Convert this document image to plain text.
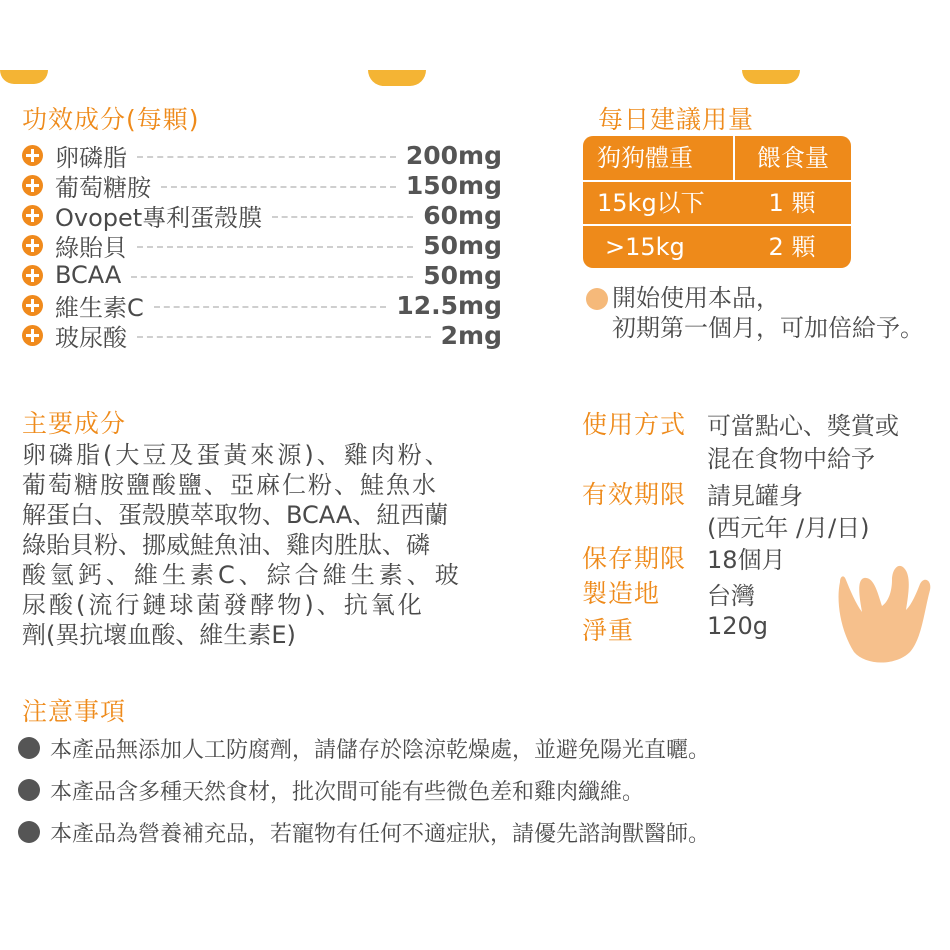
功效成分(每顆)
卵磷脂	200mg
葡萄糖胺	150mg
Ovopet專利蛋殼膜	60mg
綠貽貝	50mg
BCAA	50mg
維生素C	12.5mg
玻尿酸	2mg
每日建議用量
狗狗體重	餵食量
15kg以下	1 顆
>15kg	2 顆
開始使用本品，
初期第一個月，可加倍給予。
主要成分
卵磷脂(大豆及蛋黃來源)、雞肉粉、
葡萄糖胺鹽酸鹽、亞麻仁粉、鮭魚水
解蛋白、蛋殼膜萃取物、BCAA、紐西蘭
綠貽貝粉、挪威鮭魚油、雞肉胜肽、磷
酸氫鈣、維生素C、綜合維生素、玻
尿酸(流行鏈球菌發酵物)、抗氧化
劑(異抗壞血酸、維生素E)
使用方式 可當點心、獎賞或
混在食物中給予
有效期限 請見罐身
(西元年 /月/日)
保存期限 18個月
製造地 台灣
淨重	120g
注意事項
本產品無添加人工防腐劑，請儲存於陰涼乾燥處，並避免陽光直曬。
本產品含多種天然食材，批次間可能有些微色差和雞肉纖維。
本產品為營養補充品，若寵物有任何不適症狀，請優先諮詢獸醫師。
